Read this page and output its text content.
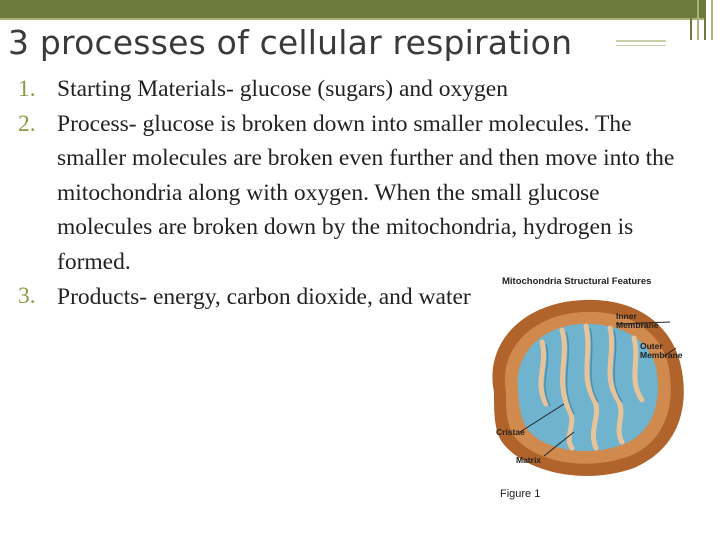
3 processes of cellular respiration
1. Starting Materials- glucose (sugars) and oxygen
2. Process- glucose is broken down into smaller molecules. The smaller molecules are broken even further and then move into the mitochondria along with oxygen. When the small glucose molecules are broken down by the mitochondria, hydrogen is formed.
3. Products- energy, carbon dioxide, and water
Mitochondria Structural Features
Inner Membrane
Outer Membrane
Cristae
Matrix
Figure 1
